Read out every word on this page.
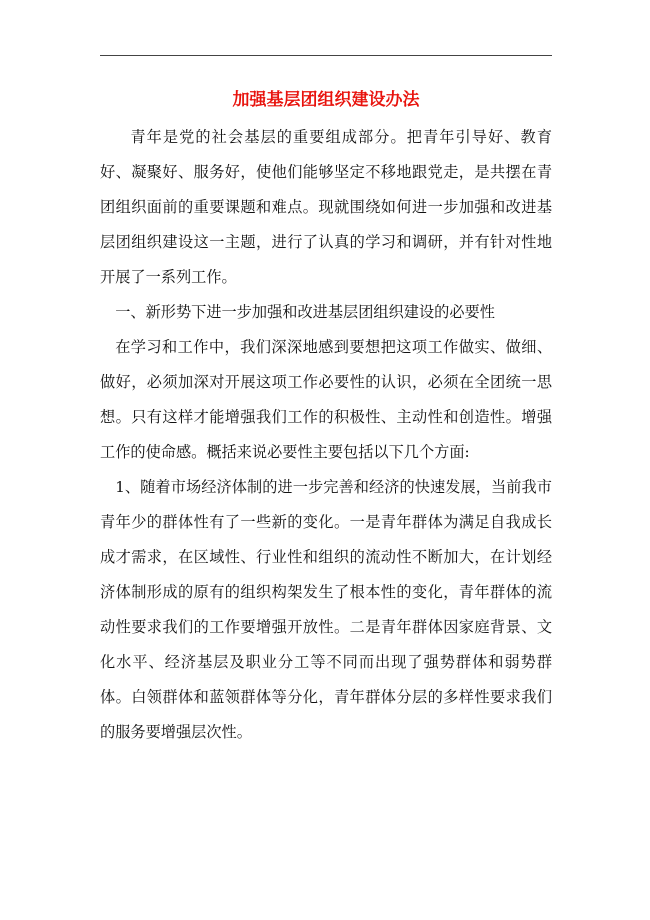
加强基层团组织建设办法

青年是党的社会基层的重要组成部分。把青年引导好、教育好、凝聚好、服务好，使他们能够坚定不移地跟党走，是共摆在青团组织面前的重要课题和难点。现就围绕如何进一步加强和改进基层团组织建设这一主题，进行了认真的学习和调研，并有针对性地开展了一系列工作。

一、新形势下进一步加强和改进基层团组织建设的必要性

在学习和工作中，我们深深地感到要想把这项工作做实、做细、做好，必须加深对开展这项工作必要性的认识，必须在全团统一思想。只有这样才能增强我们工作的积极性、主动性和创造性。增强工作的使命感。概括来说必要性主要包括以下几个方面:

1、随着市场经济体制的进一步完善和经济的快速发展，当前我市青年少的群体性有了一些新的变化。一是青年群体为满足自我成长成才需求，在区域性、行业性和组织的流动性不断加大，在计划经济体制形成的原有的组织构架发生了根本性的变化，青年群体的流动性要求我们的工作要增强开放性。二是青年群体因家庭背景、文化水平、经济基层及职业分工等不同而出现了强势群体和弱势群体。白领群体和蓝领群体等分化，青年群体分层的多样性要求我们的服务要增强层次性。
